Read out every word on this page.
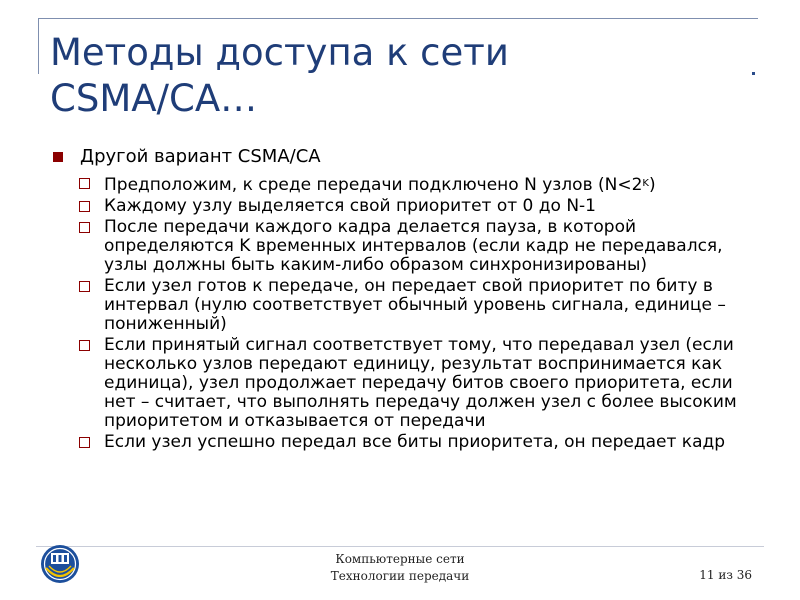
Методы доступа к сети
CSMA/CA…
Другой вариант CSMA/CA
Предположим, к среде передачи подключено N узлов $(N<2^K)$
Каждому узлу выделяется свой приоритет от 0 до N-1
После передачи каждого кадра делается пауза, в которой определяются K временных интервалов (если кадр не передавался, узлы должны быть каким-либо образом синхронизированы)
Если узел готов к передаче, он передает свой приоритет по биту в интервал (нулю соответствует обычный уровень сигнала, единице – пониженный)
Если принятый сигнал соответствует тому, что передавал узел (если несколько узлов передают единицу, результат воспринимается как единица), узел продолжает передачу битов своего приоритета, если нет – считает, что выполнять передачу должен узел с более высоким приоритетом и отказывается от передачи
Если узел успешно передал все биты приоритета, он передает кадр
Компьютерные сети
Технологии передачи	11 из 36
